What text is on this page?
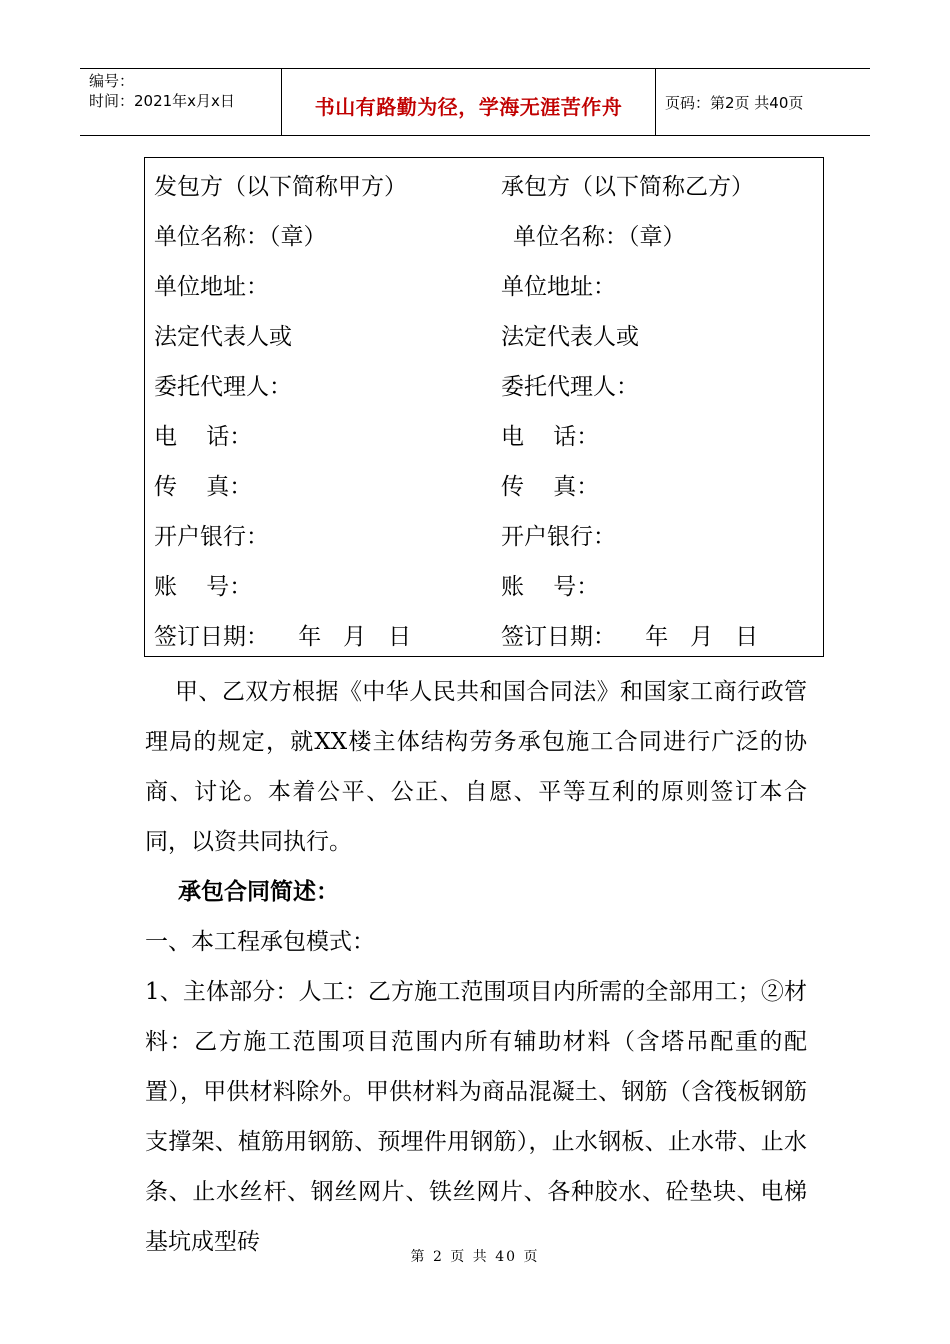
编号：
时间：2021年x月x日	书山有路勤为径，学海无涯苦作舟	页码：第2页 共40页
发包方（以下简称甲方）
单位名称：（章）
单位地址：
法定代表人或
委托代理人：
电    话：
传    真：
开户银行：
账    号：
签订日期：    年   月   日
承包方（以下简称乙方）
单位名称：（章）
单位地址：
法定代表人或
委托代理人：
电    话：
传    真：
开户银行：
账    号：
签订日期：    年   月   日
甲、乙双方根据《中华人民共和国合同法》和国家工商行政管理局的规定，就XX楼主体结构劳务承包施工合同进行广泛的协商、讨论。本着公平、公正、自愿、平等互利的原则签订本合同，以资共同执行。
承包合同简述：
一、本工程承包模式：
1、主体部分：人工：乙方施工范围项目内所需的全部用工；②材料：乙方施工范围项目范围内所有辅助材料（含塔吊配重的配置），甲供材料除外。甲供材料为商品混凝土、钢筋（含筏板钢筋支撑架、植筋用钢筋、预埋件用钢筋），止水钢板、止水带、止水条、止水丝杆、钢丝网片、铁丝网片、各种胶水、砼垫块、电梯基坑成型砖
第 2 页 共 40 页
